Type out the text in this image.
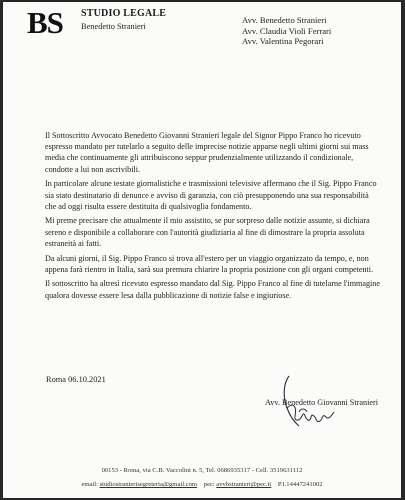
BS STUDIO LEGALE
Benedetto Stranieri
Avv. Benedetto Stranieri
Avv. Claudia Violi Ferrari
Avv. Valentina Pegorari

Il Sottoscritto Avvocato Benedetto Giovanni Stranieri legale del Signor Pippo Franco ho ricevuto espresso mandato per tutelarlo a seguito delle imprecise notizie apparse negli ultimi giorni sui mass media che continuamente gli attribuiscono seppur prudenzialmente utilizzando il condizionale, condotte a lui non ascrivibili.

In particolare alcune testate giornalistiche e trasmissioni televisive affermano che il Sig. Pippo Franco sia stato destinatario di denunce e avviso di garanzia, con ciò presupponendo una sua responsabilità che ad oggi risulta essere destituita di qualsivoglia fondamento.

Mi preme precisare che attualmente il mio assistito, se pur sorpreso dalle notizie assunte, si dichiara sereno e disponibile a collaborare con l'autorità giudiziaria al fine di dimostrare la propria assoluta estraneità ai fatti.

Da alcuni giorni, il Sig. Pippo Franco si trova all'estero per un viaggio organizzato da tempo, e, non appena farà rientro in Italia, sarà sua premura chiarire la propria posizione con gli organi competenti.

Il sottoscritto ha altresì ricevuto espresso mandato dal Sig. Pippo Franco al fine di tutelarne l'immagine qualora dovesse essere lesa dalla pubblicazione di notizie false e ingiuriose.

Roma 06.10.2021
Avv. Benedetto Giovanni Stranieri
00153 - Roma, via C.B. Vaccolini n. 5, Tel. 0686935317 - Cell. 3519631112
email: studiostranierisegreteria@gmail.com pec: avvbstranieri@pec.it P.I.14447241002
